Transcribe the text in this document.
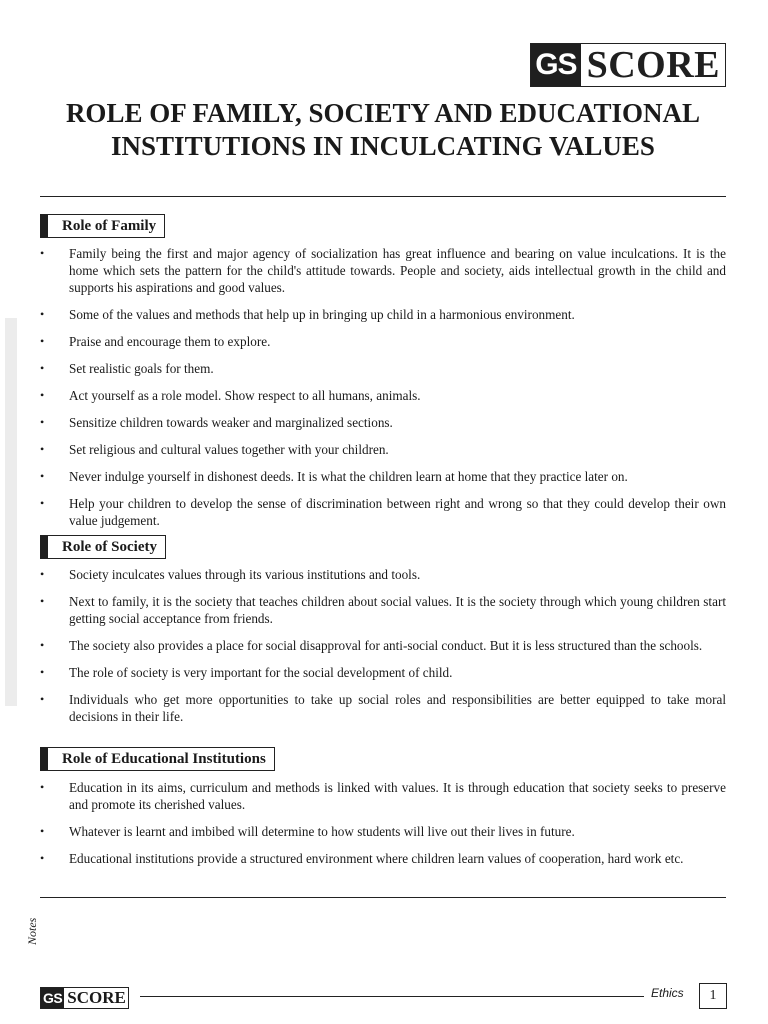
GS SCORE
ROLE OF FAMILY, SOCIETY AND EDUCATIONAL INSTITUTIONS IN INCULCATING VALUES
Role of Family
• Family being the first and major agency of socialization has great influence and bearing on value inculcations. It is the home which sets the pattern for the child's attitude towards. People and society, aids intellectual growth in the child and supports his aspirations and good values.
• Some of the values and methods that help up in bringing up child in a harmonious environment.
• Praise and encourage them to explore.
• Set realistic goals for them.
• Act yourself as a role model. Show respect to all humans, animals.
• Sensitize children towards weaker and marginalized sections.
• Set religious and cultural values together with your children.
• Never indulge yourself in dishonest deeds. It is what the children learn at home that they practice later on.
• Help your children to develop the sense of discrimination between right and wrong so that they could develop their own value judgement.
Role of Society
• Society inculcates values through its various institutions and tools.
• Next to family, it is the society that teaches children about social values. It is the society through which young children start getting social acceptance from friends.
• The society also provides a place for social disapproval for anti-social conduct. But it is less structured than the schools.
• The role of society is very important for the social development of child.
• Individuals who get more opportunities to take up social roles and responsibilities are better equipped to take moral decisions in their life.
Role of Educational Institutions
• Education in its aims, curriculum and methods is linked with values. It is through education that society seeks to preserve and promote its cherished values.
• Whatever is learnt and imbibed will determine to how students will live out their lives in future.
• Educational institutions provide a structured environment where children learn values of cooperation, hard work etc.
Notes
GS SCORE	Ethics	1
